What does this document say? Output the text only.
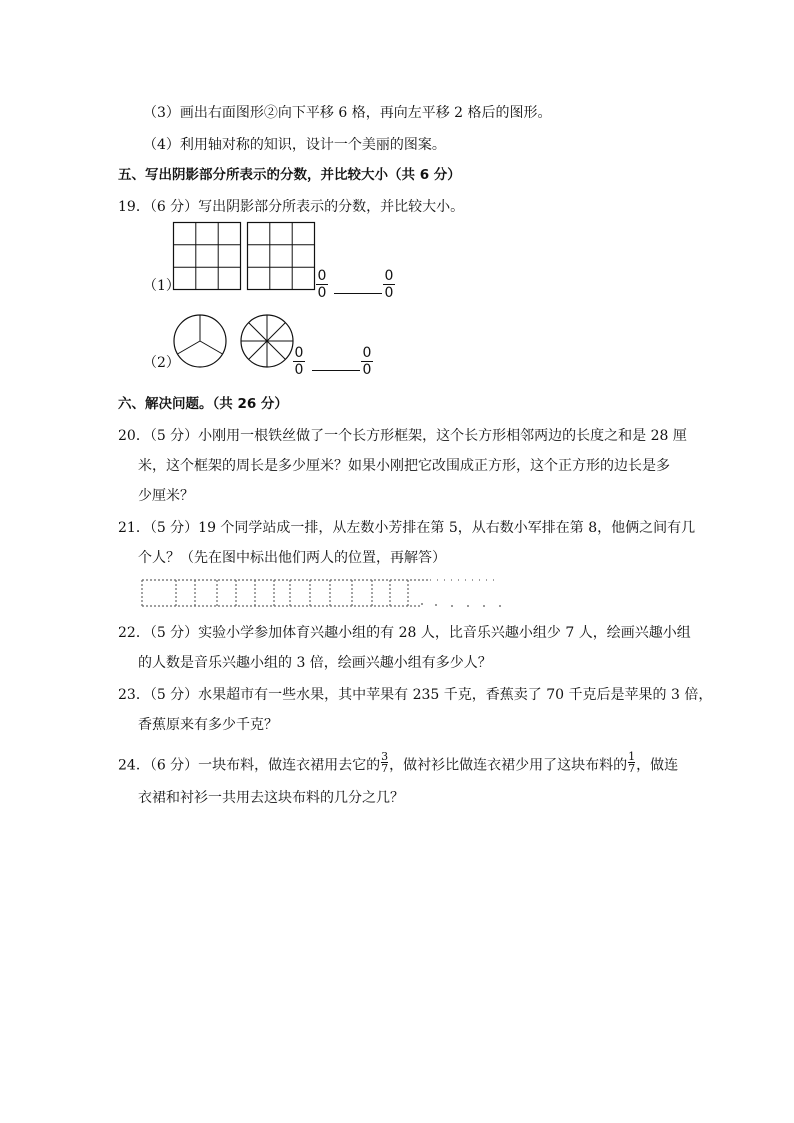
（3）画出右面图形②向下平移 6 格，再向左平移 2 格后的图形。
（4）利用轴对称的知识，设计一个美丽的图案。
五、写出阴影部分所表示的分数，并比较大小（共 6 分）
19．（6 分）写出阴影部分所表示的分数，并比较大小。
（1）
0
0
0
0
（2）
0
0
0
0
六、解决问题。（共 26 分）
20．（5 分）小刚用一根铁丝做了一个长方形框架，这个长方形相邻两边的长度之和是 28 厘
米，这个框架的周长是多少厘米？如果小刚把它改围成正方形，这个正方形的边长是多
少厘米？
21．（5 分）19 个同学站成一排，从左数小芳排在第 5，从右数小军排在第 8，他俩之间有几
个人？（先在图中标出他们两人的位置，再解答）
22．（5 分）实验小学参加体育兴趣小组的有 28 人，比音乐兴趣小组少 7 人，绘画兴趣小组
的人数是音乐兴趣小组的 3 倍，绘画兴趣小组有多少人？
23．（5 分）水果超市有一些水果，其中苹果有 235 千克，香蕉卖了 70 千克后是苹果的 3 倍，
香蕉原来有多少千克？
24．（6 分）一块布料，做连衣裙用去它的 $\frac{3}{7}$ ，做衬衫比做连衣裙少用了这块布料的 $\frac{1}{7}$ ，做连
衣裙和衬衫一共用去这块布料的几分之几？
